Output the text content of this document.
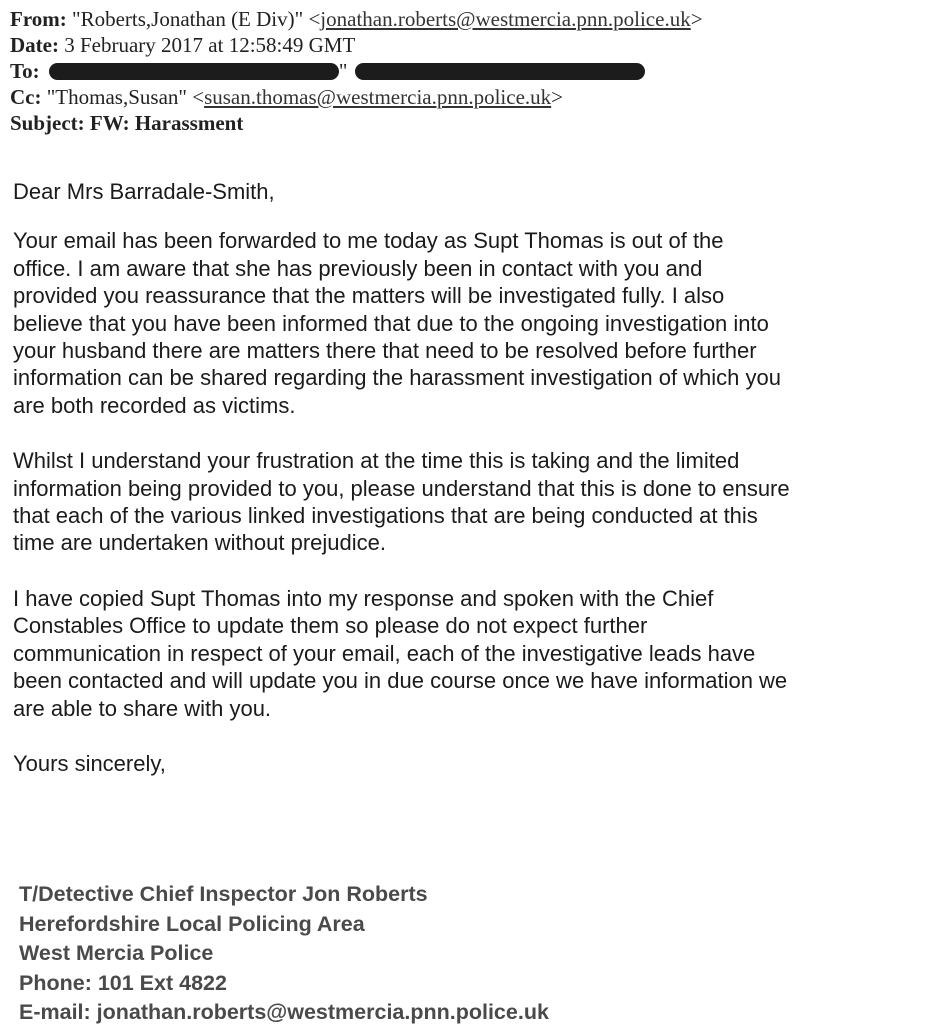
From: "Roberts,Jonathan (E Div)" <jonathan.roberts@westmercia.pnn.police.uk>
Date: 3 February 2017 at 12:58:49 GMT
To:	"
Cc: "Thomas,Susan" <susan.thomas@westmercia.pnn.police.uk>
Subject: FW: Harassment

Dear Mrs Barradale-Smith,

Your email has been forwarded to me today as Supt Thomas is out of the

office. I am aware that she has previously been in contact with you and

provided you reassurance that the matters will be investigated fully. I also

believe that you have been informed that due to the ongoing investigation into

your husband there are matters there that need to be resolved before further

information can be shared regarding the harassment investigation of which you

are both recorded as victims.

Whilst I understand your frustration at the time this is taking and the limited

information being provided to you, please understand that this is done to ensure

that each of the various linked investigations that are being conducted at this

time are undertaken without prejudice.

I have copied Supt Thomas into my response and spoken with the Chief

Constables Office to update them so please do not expect further

communication in respect of your email, each of the investigative leads have

been contacted and will update you in due course once we have information we

are able to share with you.

Yours sincerely,

T/Detective Chief Inspector Jon Roberts
Herefordshire Local Policing Area
West Mercia Police
Phone: 101 Ext 4822
E-mail: jonathan.roberts@westmercia.pnn.police.uk
